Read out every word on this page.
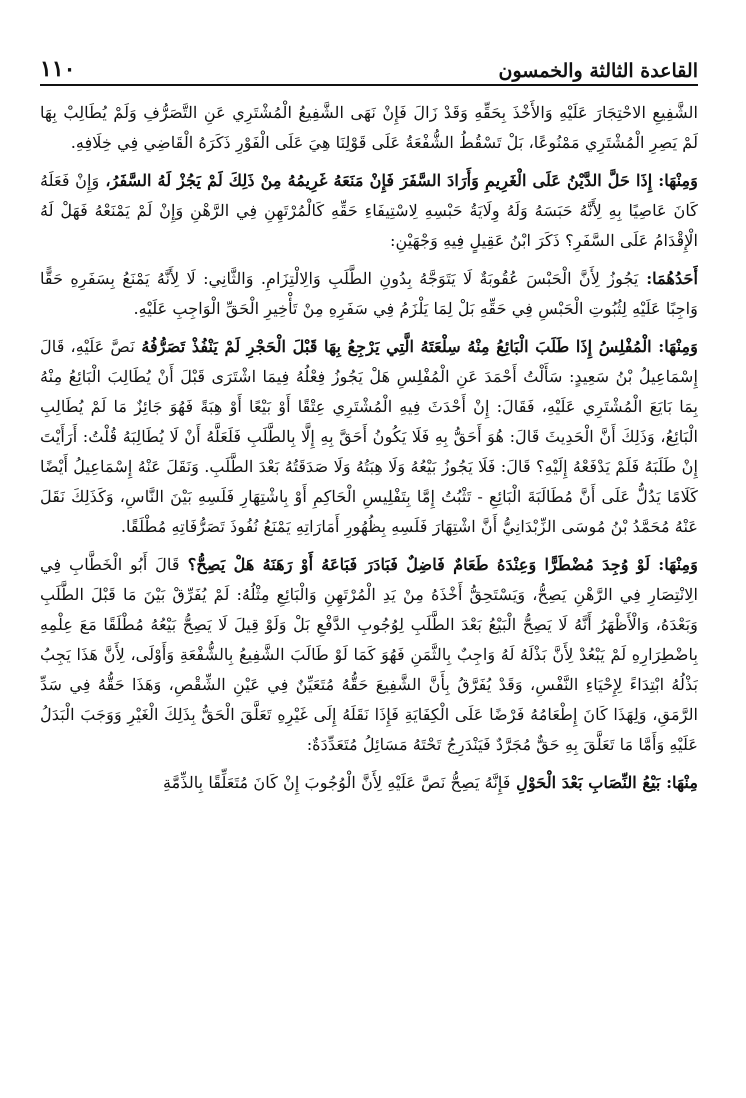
القاعدة الثالثة والخمسون
١١٠

الشَّفِيعِ الاحْتِجَارَ عَلَيْهِ وَالأَخْذَ بِحَقِّهِ وَقَدْ زَالَ فَإِنْ نَهَى الشَّفِيعُ الْمُشْتَرِي عَنِ التَّصَرُّفِ وَلَمْ يُطَالِبْ بِهَا لَمْ يَصِرِ الْمُشْتَرِي مَمْنُوعًا، بَلْ تَسْقُطُ الشُّفْعَةُ عَلَى قَوْلِنَا هِيَ عَلَى الْفَوْرِ ذَكَرَهُ الْقَاضِي فِي خِلَافِهِ.

وَمِنْهَا: إِذَا حَلَّ الدَّيْنُ عَلَى الْغَرِيمِ وَأَرَادَ السَّفَرَ فَإِنْ مَنَعَهُ غَرِيمُهُ مِنْ ذَلِكَ لَمْ يَجُزْ لَهُ السَّفَرُ، وَإِنْ فَعَلَهُ كَانَ عَاصِيًا بِهِ لِأَنَّهُ حَبَسَهُ وَلَهُ وِلَايَةُ حَبْسِهِ لِاسْتِيفَاءِ حَقِّهِ كَالْمُرْتَهِنِ فِي الرَّهْنِ وَإِنْ لَمْ يَمْنَعْهُ فَهَلْ لَهُ الْإِقْدَامُ عَلَى السَّفَرِ؟ ذَكَرَ ابْنُ عَقِيلٍ فِيهِ وَجْهَيْنِ:

أَحَدُهُمَا: يَجُوزُ لِأَنَّ الْحَبْسَ عُقُوبَةٌ لَا يَتَوَجَّهُ بِدُونِ الطَّلَبِ وَالِالْتِزَامِ. وَالثَّانِي: لَا لِأَنَّهُ يَمْنَعُ بِسَفَرِهِ حَقًّا وَاجِبًا عَلَيْهِ لِثُبُوتِ الْحَبْسِ فِي حَقِّهِ بَلْ لِمَا يَلْزَمُ فِي سَفَرِهِ مِنْ تَأْخِيرِ الْحَقِّ الْوَاجِبِ عَلَيْهِ.

وَمِنْهَا: الْمُفْلِسُ إِذَا طَلَبَ الْبَائِعُ مِنْهُ سِلْعَتَهُ الَّتِي يَرْجِعُ بِهَا قَبْلَ الْحَجْرِ لَمْ يَنْفُذْ تَصَرُّفُهُ نَصَّ عَلَيْهِ، قَالَ إِسْمَاعِيلُ بْنُ سَعِيدٍ: سَأَلْتُ أَحْمَدَ عَنِ الْمُفْلِسِ هَلْ يَجُوزُ فِعْلُهُ فِيمَا اشْتَرَى قَبْلَ أَنْ يُطَالِبَ الْبَائِعُ مِنْهُ بِمَا بَايَعَ الْمُشْتَرِي عَلَيْهِ، فَقَالَ: إِنْ أَحْدَثَ فِيهِ الْمُشْتَرِي عِتْقًا أَوْ بَيْعًا أَوْ هِبَةً فَهُوَ جَائِزٌ مَا لَمْ يُطَالِبِ الْبَائِعُ، وَذَلِكَ أَنَّ الْحَدِيثَ قَالَ: هُوَ أَحَقُّ بِهِ فَلَا يَكُونُ أَحَقَّ بِهِ إِلَّا بِالطَّلَبِ فَلَعَلَّهُ أَنْ لَا يُطَالِبَهُ قُلْتُ: أَرَأَيْتَ إِنْ طَلَبَهُ فَلَمْ يَدْفَعْهُ إِلَيْهِ؟ قَالَ: فَلَا يَجُوزُ بَيْعُهُ وَلَا هِبَتُهُ وَلَا صَدَقَتُهُ بَعْدَ الطَّلَبِ. وَنَقَلَ عَنْهُ إِسْمَاعِيلُ أَيْضًا كَلَامًا يَدُلُّ عَلَى أَنَّ مُطَالَبَةَ الْبَائِعِ - تَثْبُتُ إِمَّا بِتَفْلِيسِ الْحَاكِمِ أَوْ بِاشْتِهَارِ فَلَسِهِ بَيْنَ النَّاسِ، وَكَذَلِكَ نَقَلَ عَنْهُ مُحَمَّدُ بْنُ مُوسَى الزِّبْدَانِيُّ أَنَّ اشْتِهَارَ فَلَسِهِ بِظُهُورِ أَمَارَاتِهِ يَمْنَعُ نُفُوذَ تَصَرُّفَاتِهِ مُطْلَقًا.

وَمِنْهَا: لَوْ وُجِدَ مُضْطَرًّا وَعِنْدَهُ طَعَامٌ فَاضِلٌ فَبَادَرَ فَبَاعَهُ أَوْ رَهَنَهُ هَلْ يَصِحُّ؟ قَالَ أَبُو الْخَطَّابِ فِي الِانْتِصَارِ فِي الرَّهْنِ يَصِحُّ، وَيَسْتَحِقُّ أَخْذَهُ مِنْ يَدِ الْمُرْتَهِنِ وَالْبَائِعِ مِثْلُهُ: لَمْ يُفَرِّقْ بَيْنَ مَا قَبْلَ الطَّلَبِ وَبَعْدَهُ، وَالْأَظْهَرُ أَنَّهُ لَا يَصِحُّ الْبَيْعُ بَعْدَ الطَّلَبِ لِوُجُوبِ الدَّفْعِ بَلْ وَلَوْ قِيلَ لَا يَصِحُّ بَيْعُهُ مُطْلَقًا مَعَ عِلْمِهِ بِاضْطِرَارِهِ لَمْ يَبْعُدْ لِأَنَّ بَذْلَهُ لَهُ وَاجِبٌ بِالثَّمَنِ فَهُوَ كَمَا لَوْ طَالَبَ الشَّفِيعُ بِالشُّفْعَةِ وَأَوْلَى، لِأَنَّ هَذَا يَجِبُ بَذْلُهُ ابْتِدَاءً لِإِحْيَاءِ النَّفْسِ، وَقَدْ يُفَرَّقُ بِأَنَّ الشَّفِيعَ حَقُّهُ مُتَعَيِّنٌ فِي عَيْنِ الشِّقْصِ، وَهَذَا حَقُّهُ فِي سَدِّ الرَّمَقِ، وَلِهَذَا كَانَ إِطْعَامُهُ فَرْضًا عَلَى الْكِفَايَةِ فَإِذَا نَقَلَهُ إِلَى غَيْرِهِ تَعَلَّقَ الْحَقُّ بِذَلِكَ الْغَيْرِ وَوَجَبَ الْبَدَلُ عَلَيْهِ وَأَمَّا مَا تَعَلَّقَ بِهِ حَقٌّ مُجَرَّدٌ فَيَنْدَرِجُ تَحْتَهُ مَسَائِلُ مُتَعَدِّدَةٌ:

مِنْهَا: بَيْعُ النِّصَابِ بَعْدَ الْحَوْلِ فَإِنَّهُ يَصِحُّ نَصَّ عَلَيْهِ لِأَنَّ الْوُجُوبَ إِنْ كَانَ مُتَعَلِّقًا بِالذِّمَّةِ
